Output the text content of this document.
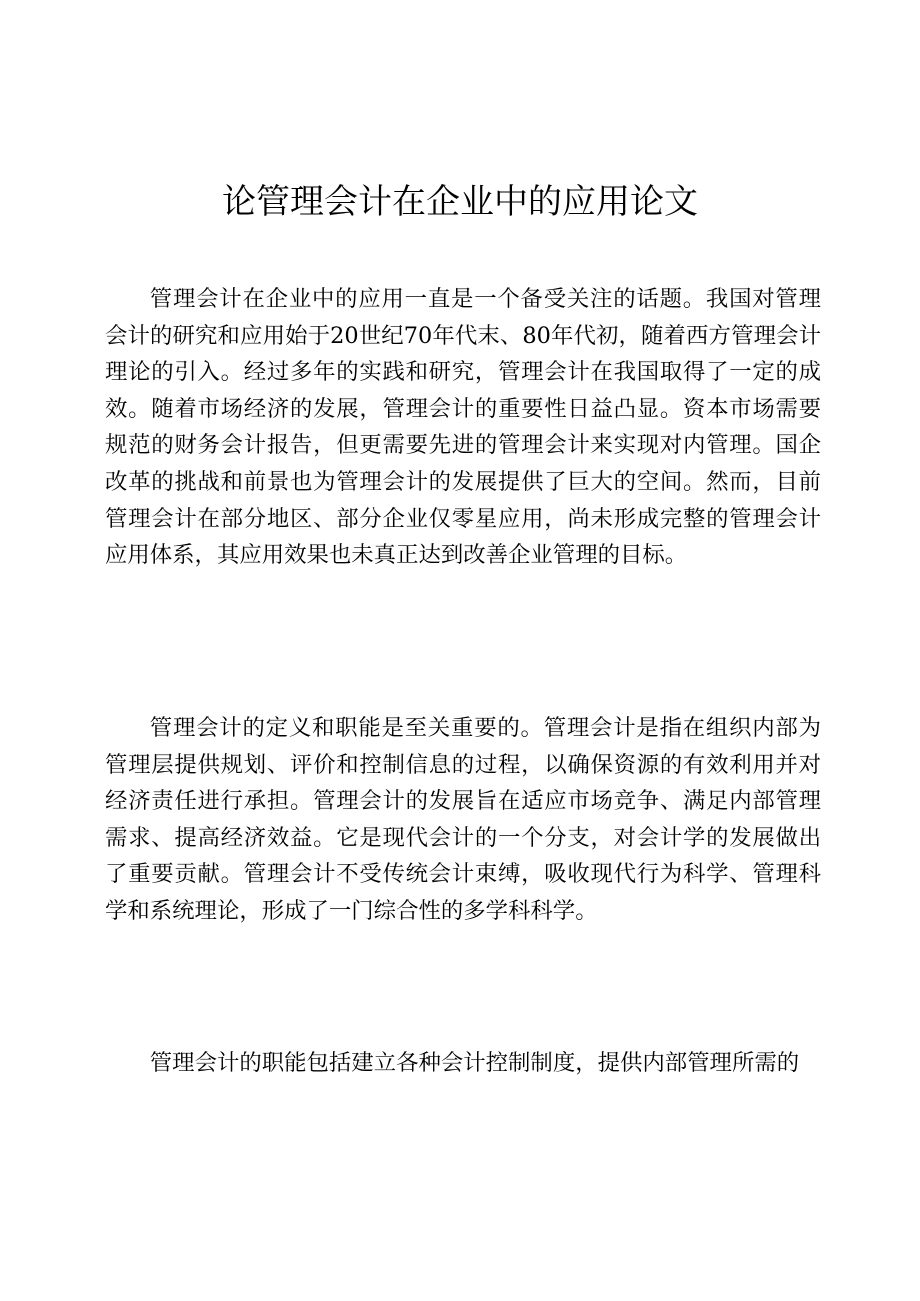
论管理会计在企业中的应用论文

管理会计在企业中的应用一直是一个备受关注的话题。我国对管理会计的研究和应用始于20世纪70年代末、80年代初，随着西方管理会计理论的引入。经过多年的实践和研究，管理会计在我国取得了一定的成效。随着市场经济的发展，管理会计的重要性日益凸显。资本市场需要规范的财务会计报告，但更需要先进的管理会计来实现对内管理。国企改革的挑战和前景也为管理会计的发展提供了巨大的空间。然而，目前管理会计在部分地区、部分企业仅零星应用，尚未形成完整的管理会计应用体系，其应用效果也未真正达到改善企业管理的目标。

管理会计的定义和职能是至关重要的。管理会计是指在组织内部为管理层提供规划、评价和控制信息的过程，以确保资源的有效利用并对经济责任进行承担。管理会计的发展旨在适应市场竞争、满足内部管理需求、提高经济效益。它是现代会计的一个分支，对会计学的发展做出了重要贡献。管理会计不受传统会计束缚，吸收现代行为科学、管理科学和系统理论，形成了一门综合性的多学科科学。

管理会计的职能包括建立各种会计控制制度，提供内部管理所需的
